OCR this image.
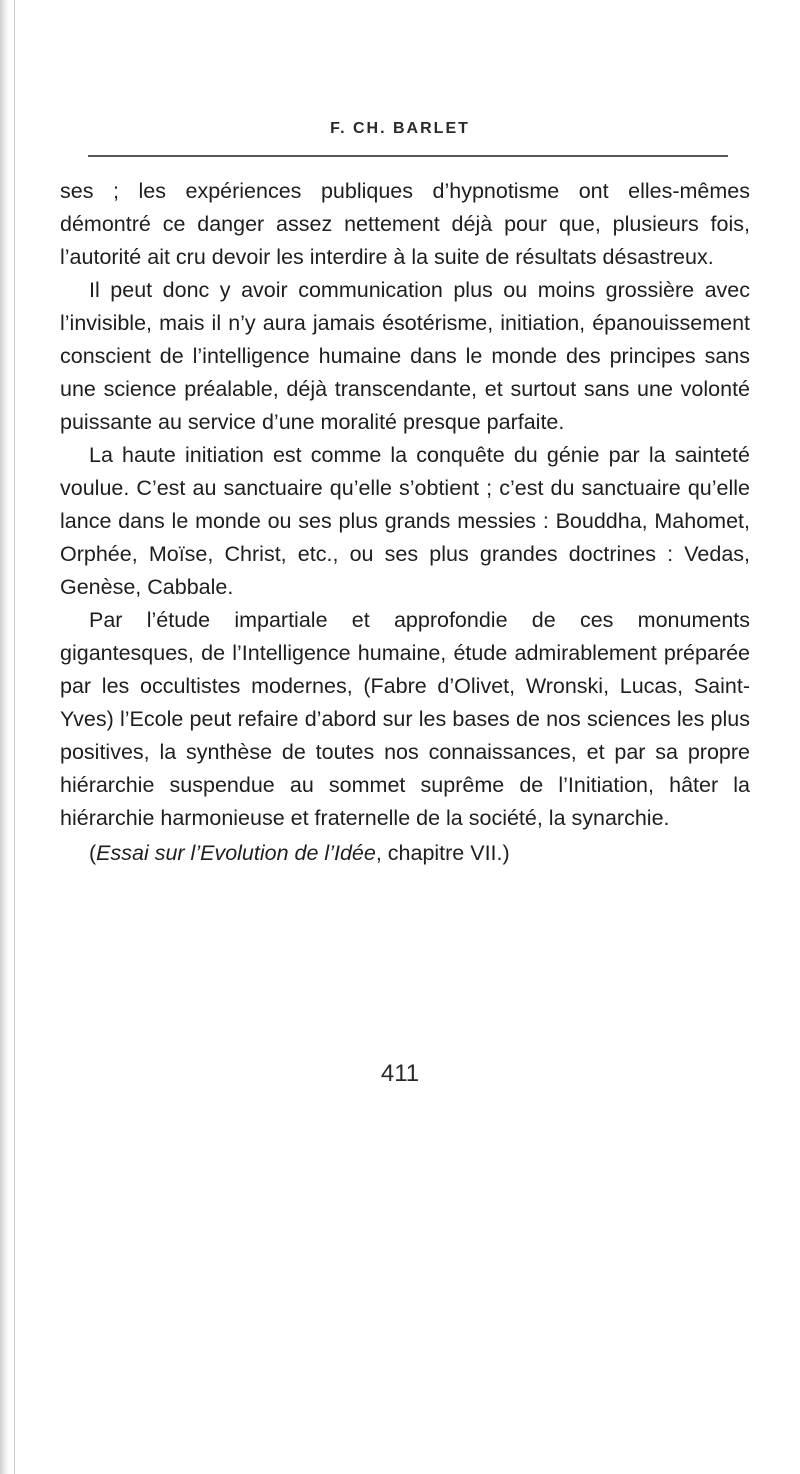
F. CH. BARLET

ses ; les expériences publiques d’hypnotisme ont elles-mêmes démontré ce danger assez nettement déjà pour que, plusieurs fois, l’autorité ait cru devoir les interdire à la suite de résultats désastreux.

Il peut donc y avoir communication plus ou moins grossière avec l’invisible, mais il n’y aura jamais ésotérisme, initiation, épanouissement conscient de l’intelligence humaine dans le monde des principes sans une science préalable, déjà transcendante, et surtout sans une volonté puissante au service d’une moralité presque parfaite.

La haute initiation est comme la conquête du génie par la sainteté voulue. C’est au sanctuaire qu’elle s’obtient ; c’est du sanctuaire qu’elle lance dans le monde ou ses plus grands messies : Bouddha, Mahomet, Orphée, Moïse, Christ, etc., ou ses plus grandes doctrines : Vedas, Genèse, Cabbale.

Par l’étude impartiale et approfondie de ces monuments gigantesques, de l’Intelligence humaine, étude admirablement préparée par les occultistes modernes, (Fabre d’Olivet, Wronski, Lucas, Saint-Yves) l’Ecole peut refaire d’abord sur les bases de nos sciences les plus positives, la synthèse de toutes nos connaissances, et par sa propre hiérarchie suspendue au sommet suprême de l’Initiation, hâter la hiérarchie harmonieuse et fraternelle de la société, la synarchie.

(Essai sur l’Evolution de l’Idée, chapitre VII.)
411
